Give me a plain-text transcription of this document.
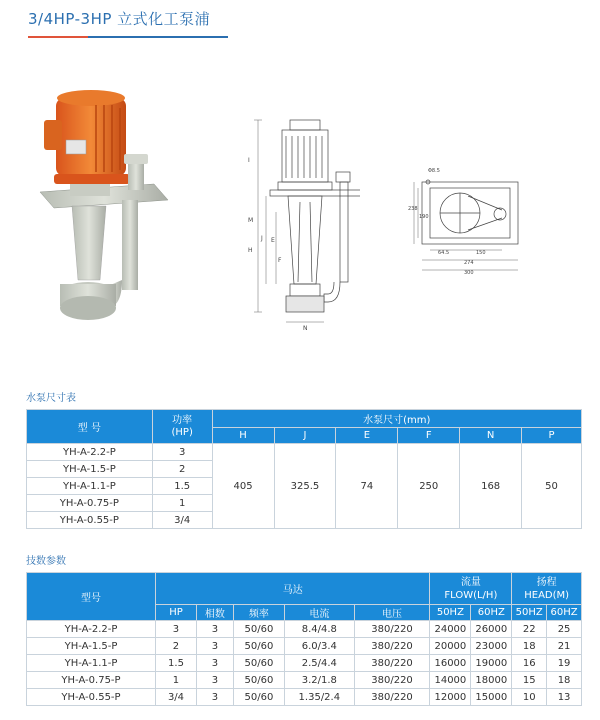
3/4HP-3HP 立式化工泵浦
I
H
M
J E
F
N
Φ8.5
238
190
64.5	150
274
300
水泵尺寸表
型 号	功率
(HP)	水泵尺寸(mm)					
		H	J	E	F	N	P
YH-A-2.2-P	3	405	325.5	74	250	168	50
YH-A-1.5-P	2						
YH-A-1.1-P	1.5						
YH-A-0.75-P	1						
YH-A-0.55-P	3/4						
技数参数
型号	马达					流量
FLOW(L/H)		扬程
HEAD(M)	
	HP	相数	频率	电流	电压	50HZ	60HZ	50HZ	60HZ
YH-A-2.2-P	3	3	50/60	8.4/4.8	380/220	24000	26000	22	25
YH-A-1.5-P	2	3	50/60	6.0/3.4	380/220	20000	23000	18	21
YH-A-1.1-P	1.5	3	50/60	2.5/4.4	380/220	16000	19000	16	19
YH-A-0.75-P	1	3	50/60	3.2/1.8	380/220	14000	18000	15	18
YH-A-0.55-P	3/4	3	50/60	1.35/2.4	380/220	12000	15000	10	13
